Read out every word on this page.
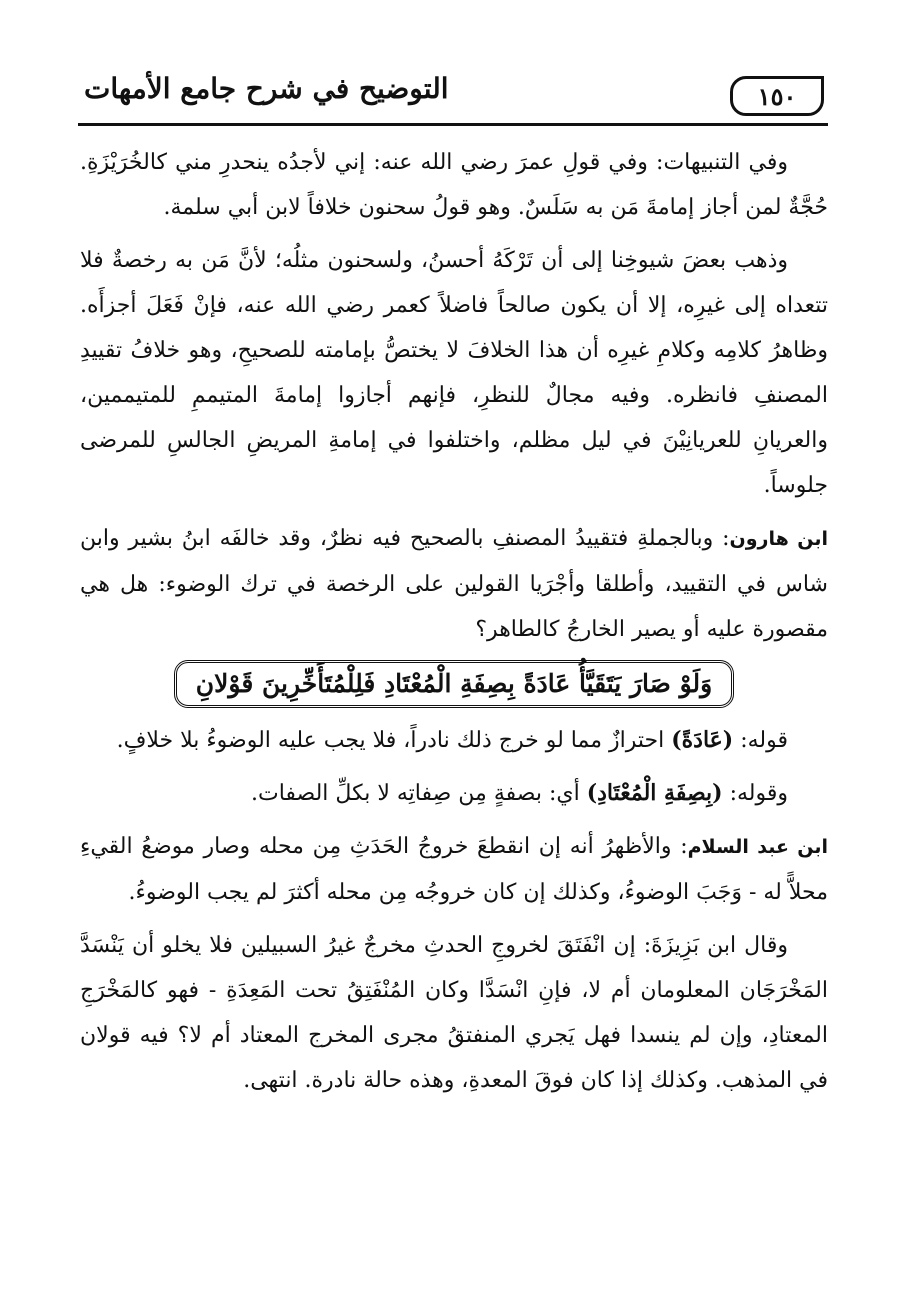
١٥٠
التوضيح في شرح جامع الأمهات

وفي التنبيهات: وفي قولِ عمرَ رضي الله عنه: إني لأجدُه ينحدرِ مني كالخُرَيْزَةِ. حُجَّةٌ لمن أجاز إمامةَ مَن به سَلَسٌ. وهو قولُ سحنون خلافاً لابن أبي سلمة.

وذهب بعضَ شيوخِنا إلى أن تَرْكَهُ أحسنُ، ولسحنون مثلُه؛ لأنَّ مَن به رخصةٌ فلا تتعداه إلى غيرِه، إلا أن يكون صالحاً فاضلاً كعمر رضي الله عنه، فإنْ فَعَلَ أجزأَه. وظاهرُ كلامِه وكلامِ غيرِه أن هذا الخلافَ لا يختصُّ بإمامته للصحيحِ، وهو خلافُ تقييدِ المصنفِ فانظره. وفيه مجالٌ للنظرِ، فإنهم أجازوا إمامةَ المتيممِ للمتيممين، والعريانِ للعريانِيْنَ في ليل مظلم، واختلفوا في إمامةِ المريضِ الجالسِ للمرضى جلوساً.

ابن هارون: وبالجملةِ فتقييدُ المصنفِ بالصحيح فيه نظرٌ، وقد خالفَه ابنُ بشير وابن شاس في التقييد، وأطلقا وأجْرَيا القولين على الرخصة في ترك الوضوء: هل هي مقصورة عليه أو يصير الخارجُ كالطاهر؟

وَلَوْ صَارَ يَتَقَيَّأُ عَادَةً بِصِفَةِ الْمُعْتَادِ فَلِلْمُتَأَخِّرِينَ قَوْلانِ

قوله: (عَادَةً) احترازٌ مما لو خرج ذلك نادراً، فلا يجب عليه الوضوءُ بلا خلافٍ.

وقوله: (بِصِفَةِ الْمُعْتَادِ) أي: بصفةٍ مِن صِفاتِه لا بكلِّ الصفات.

ابن عبد السلام: والأظهرُ أنه إن انقطعَ خروجُ الحَدَثِ مِن محله وصار موضعُ القيءِ محلاًّ له - وَجَبَ الوضوءُ، وكذلك إن كان خروجُه مِن محله أكثرَ لم يجب الوضوءُ.

وقال ابن بَزِيزَةَ: إن انْفَتَقَ لخروجِ الحدثِ مخرجٌ غيرُ السبيلين فلا يخلو أن يَنْسَدَّ المَخْرَجَان المعلومان أم لا، فإنِ انْسَدَّا وكان المُنْفَتِقُ تحت المَعِدَةِ - فهو كالمَخْرَجِ المعتادِ، وإن لم ينسدا فهل يَجري المنفتقُ مجرى المخرج المعتاد أم لا؟ فيه قولان في المذهب. وكذلك إذا كان فوقَ المعدةِ، وهذه حالة نادرة. انتهى.
